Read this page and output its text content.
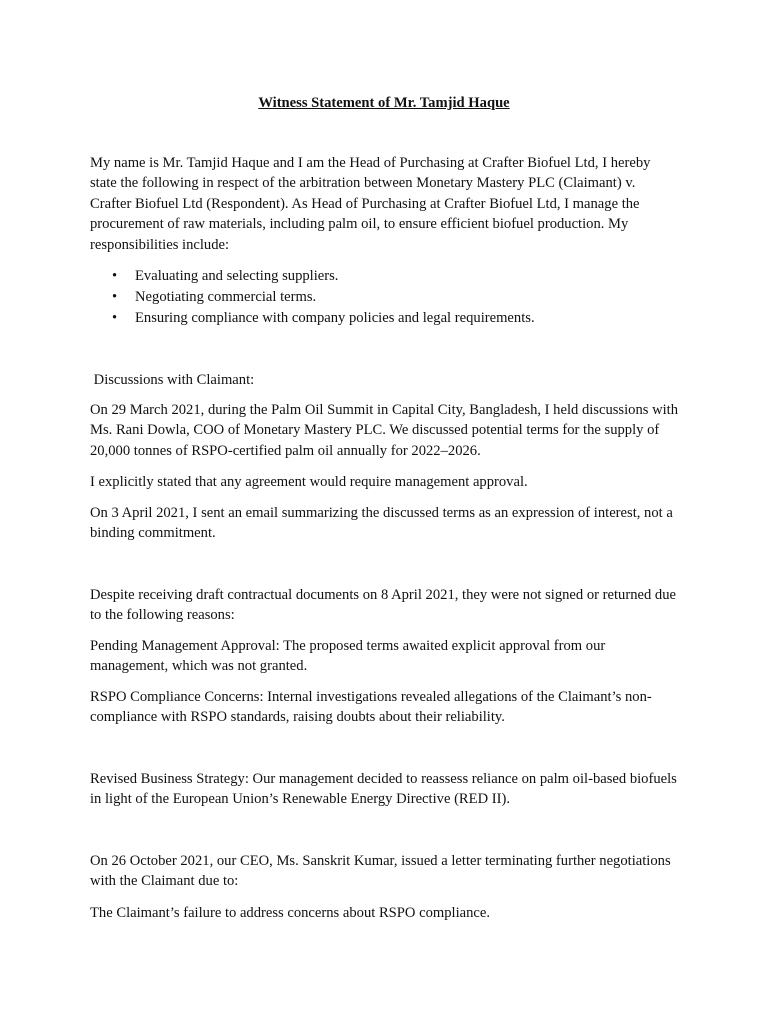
Witness Statement of Mr. Tamjid Haque

My name is Mr. Tamjid Haque and I am the Head of Purchasing at Crafter Biofuel Ltd, I hereby state the following in respect of the arbitration between Monetary Mastery PLC (Claimant) v. Crafter Biofuel Ltd (Respondent). As Head of Purchasing at Crafter Biofuel Ltd, I manage the procurement of raw materials, including palm oil, to ensure efficient biofuel production. My responsibilities include:

• Evaluating and selecting suppliers.
• Negotiating commercial terms.
• Ensuring compliance with company policies and legal requirements.

Discussions with Claimant:

On 29 March 2021, during the Palm Oil Summit in Capital City, Bangladesh, I held discussions with Ms. Rani Dowla, COO of Monetary Mastery PLC. We discussed potential terms for the supply of 20,000 tonnes of RSPO-certified palm oil annually for 2022–2026.

I explicitly stated that any agreement would require management approval.

On 3 April 2021, I sent an email summarizing the discussed terms as an expression of interest, not a binding commitment.

Despite receiving draft contractual documents on 8 April 2021, they were not signed or returned due to the following reasons:

Pending Management Approval: The proposed terms awaited explicit approval from our management, which was not granted.

RSPO Compliance Concerns: Internal investigations revealed allegations of the Claimant’s non-compliance with RSPO standards, raising doubts about their reliability.

Revised Business Strategy: Our management decided to reassess reliance on palm oil-based biofuels in light of the European Union’s Renewable Energy Directive (RED II).

On 26 October 2021, our CEO, Ms. Sanskrit Kumar, issued a letter terminating further negotiations with the Claimant due to:

The Claimant’s failure to address concerns about RSPO compliance.
